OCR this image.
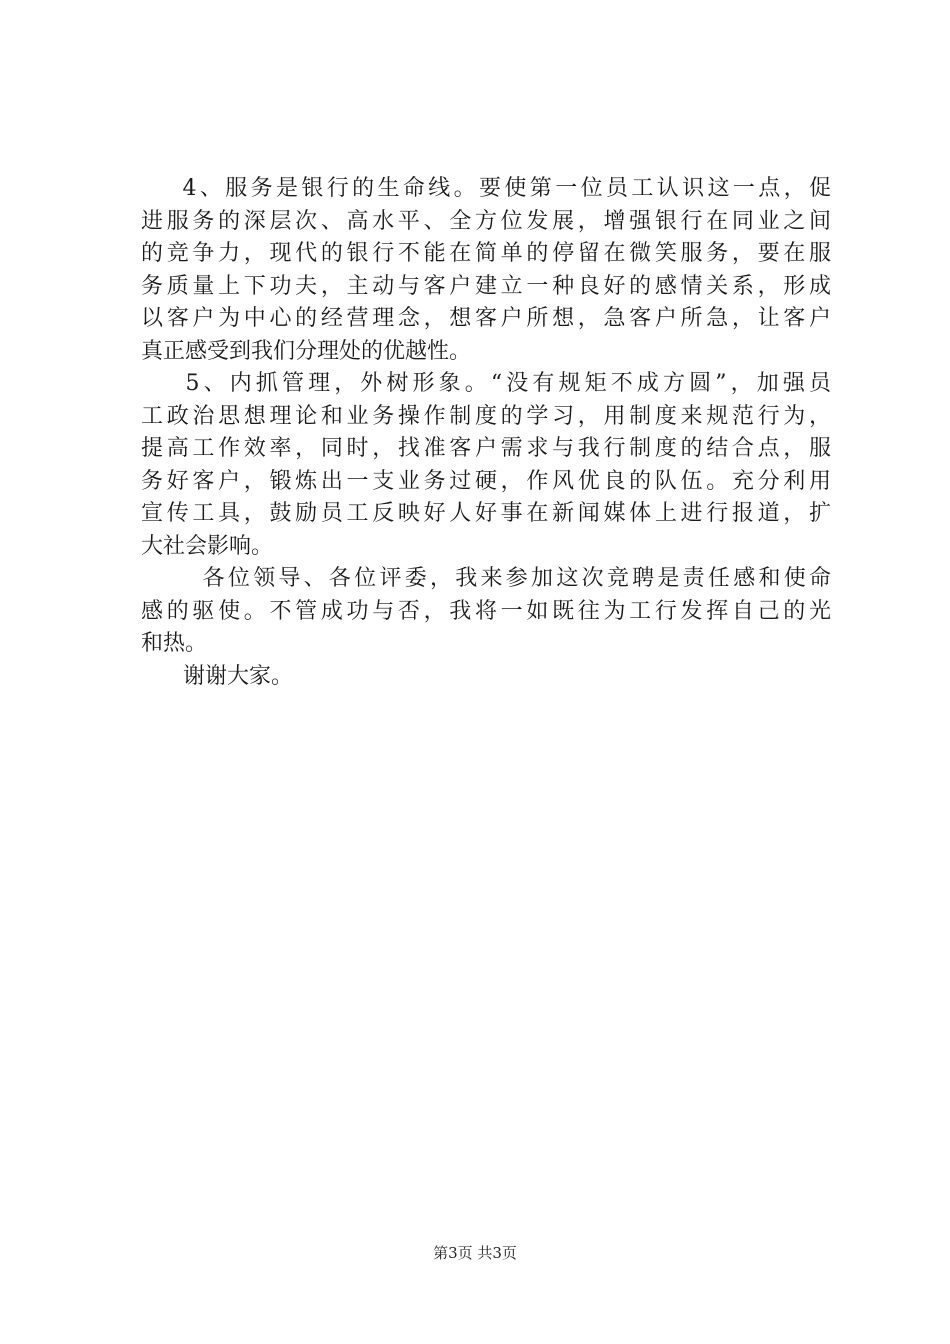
4、服务是银行的生命线。要使第一位员工认识这一点，促
进服务的深层次、高水平、全方位发展，增强银行在同业之间
的竞争力，现代的银行不能在简单的停留在微笑服务，要在服
务质量上下功夫，主动与客户建立一种良好的感情关系，形成
以客户为中心的经营理念，想客户所想，急客户所急，让客户
真正感受到我们分理处的优越性。
5、内抓管理，外树形象。“没有规矩不成方圆”，加强员
工政治思想理论和业务操作制度的学习，用制度来规范行为，
提高工作效率，同时，找准客户需求与我行制度的结合点，服
务好客户，锻炼出一支业务过硬，作风优良的队伍。充分利用
宣传工具，鼓励员工反映好人好事在新闻媒体上进行报道，扩
大社会影响。
各位领导、各位评委，我来参加这次竞聘是责任感和使命
感的驱使。不管成功与否，我将一如既往为工行发挥自己的光
和热。
谢谢大家。
第3页 共3页
